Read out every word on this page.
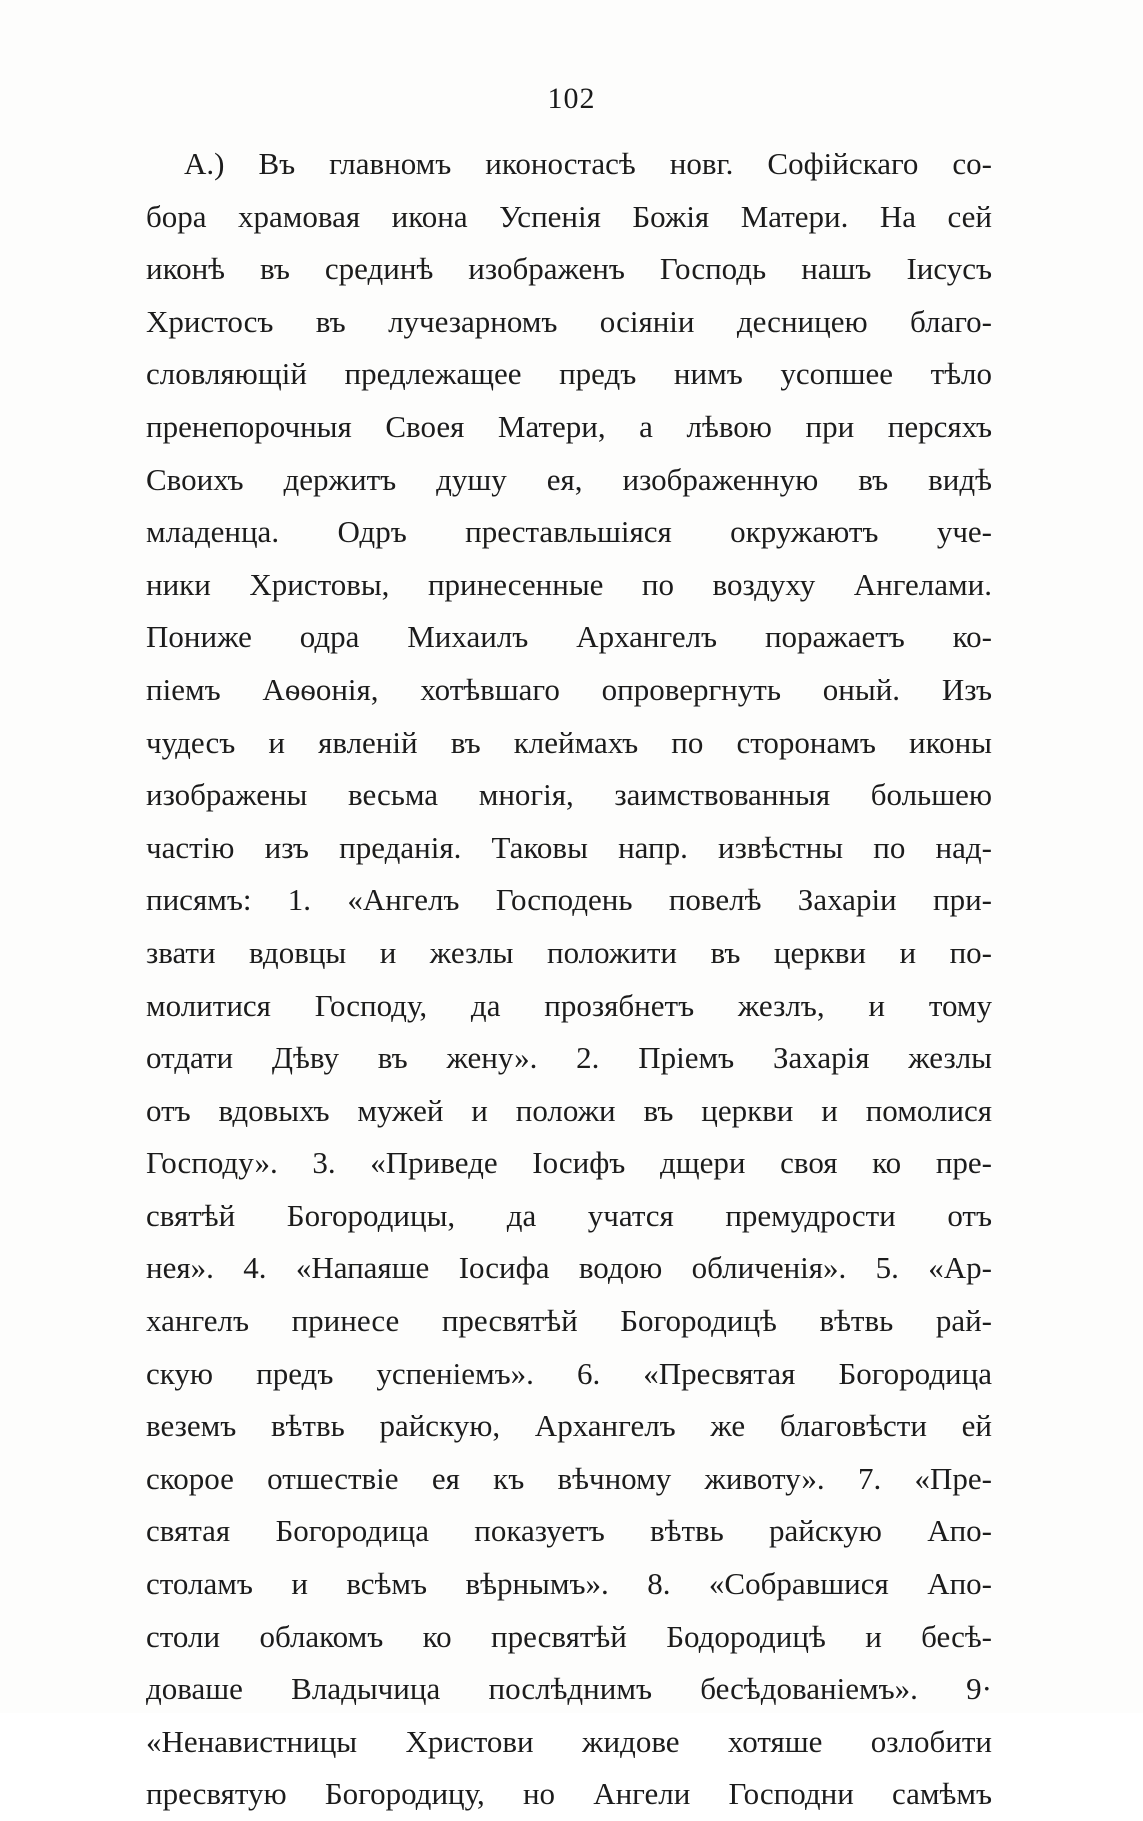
102
А.) Въ главномъ иконостасѣ новг. Софійскаго со-
бора храмовая икона Успенія Божія Матери. На сей
иконѣ въ срединѣ изображенъ Господь нашъ Іисусъ
Христосъ въ лучезарномъ осіяніи десницею благо-
словляющій предлежащее предъ нимъ усопшее тѣло
пренепорочныя Своея Матери, а лѣвою при персяхъ
Своихъ держитъ душу ея, изображенную въ видѣ
младенца. Одръ преставльшіяся окружаютъ уче-
ники Христовы, принесенные по воздуху Ангелами.
Пониже одра Михаилъ Архангелъ поражаетъ ко-
піемъ Аѳѳонія, хотѣвшаго опровергнуть оный. Изъ
чудесъ и явленій въ клеймахъ по сторонамъ иконы
изображены весьма многія, заимствованныя большею
частію изъ преданія. Таковы напр. извѣстны по над-
писямъ: 1. «Ангелъ Господень повелѣ Захаріи при-
звати вдовцы и жезлы положити въ церкви и по-
молитися Господу, да прозябнетъ жезлъ, и тому
отдати Дѣву въ жену». 2. Пріемъ Захарія жезлы
отъ вдовыхъ мужей и положи въ церкви и помолися
Господу». 3. «Приведе Іосифъ дщери своя ко пре-
святѣй Богородицы, да учатся премудрости отъ
нея». 4. «Напаяше Іосифа водою обличенія». 5. «Ар-
хангелъ принесе пресвятѣй Богородицѣ вѣтвь рай-
скую предъ успеніемъ». 6. «Пресвятая Богородица
веземъ вѣтвь райскую, Архангелъ же благовѣсти ей
скорое отшествіе ея къ вѣчному животу». 7. «Пре-
святая Богородица показуетъ вѣтвь райскую Апо-
столамъ и всѣмъ вѣрнымъ». 8. «Собравшися Апо-
столи облакомъ ко пресвятѣй Бодородицѣ и бесѣ-
доваше Владычица послѣднимъ бесѣдованіемъ». 9·
«Ненавистницы Христови жидове хотяше озлобити
пресвятую Богородицу, но Ангели Господни самѣмъ
